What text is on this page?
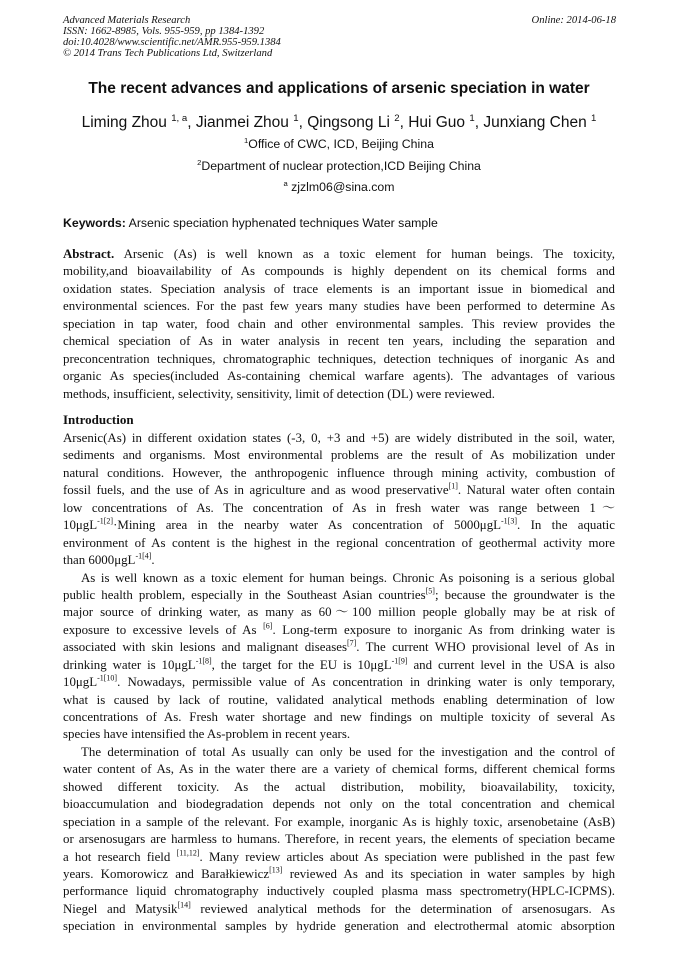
Advanced Materials Research
ISSN: 1662-8985, Vols. 955-959, pp 1384-1392
doi:10.4028/www.scientific.net/AMR.955-959.1384
© 2014 Trans Tech Publications Ltd, Switzerland
Online: 2014-06-18
The recent advances and applications of arsenic speciation in water
Liming Zhou $^{1, a}$, Jianmei Zhou $^1$, Qingsong Li $^2$, Hui Guo $^1$, Junxiang Chen $^1$
$^1$Office of CWC, ICD, Beijing China
$^2$Department of nuclear protection,ICD Beijing China
$^a$ zjzlm06@sina.com
Keywords: Arsenic speciation hyphenated techniques Water sample
Abstract. Arsenic (As) is well known as a toxic element for human beings. The toxicity,
mobility,and bioavailability of As compounds is highly dependent on its chemical forms and
oxidation states. Speciation analysis of trace elements is an important issue in biomedical and
environmental sciences. For the past few years many studies have been performed to determine As
speciation in tap water, food chain and other environmental samples. This review provides the
chemical speciation of As in water analysis in recent ten years, including the separation and
preconcentration techniques, chromatographic techniques, detection techniques of inorganic As and
organic As species(included As-containing chemical warfare agents). The advantages of various
methods, insufficient, selectivity, sensitivity, limit of detection (DL) were reviewed.
Introduction
Arsenic(As) in different oxidation states (-3, 0, +3 and +5) are widely distributed in the soil, water,
sediments and organisms. Most environmental problems are the result of As mobilization under
natural conditions. However, the anthropogenic influence through mining activity, combustion of
fossil fuels, and the use of As in agriculture and as wood preservative[1]. Natural water often contain
low concentrations of As. The concentration of As in fresh water was range between 1～
10μgL$^{-1[2]}$·Mining area in the nearby water As concentration of 5000μgL$^{-1[3]}$. In the aquatic
environment of As content is the highest in the regional concentration of geothermal activity more
than 6000μgL$^{-1[4]}$.
As is well known as a toxic element for human beings. Chronic As poisoning is a serious global
public health problem, especially in the Southeast Asian countries[5]; because the groundwater is the
major source of drinking water, as many as 60～100 million people globally may be at risk of
exposure to excessive levels of As [6]. Long-term exposure to inorganic As from drinking water is
associated with skin lesions and malignant diseases[7]. The current WHO provisional level of As in
drinking water is 10μgL$^{-1[8]}$, the target for the EU is 10μgL$^{-1[9]}$ and current level in the USA is also
10μgL$^{-1[10]}$. Nowadays, permissible value of As concentration in drinking water is only temporary,
what is caused by lack of routine, validated analytical methods enabling determination of low
concentrations of As. Fresh water shortage and new findings on multiple toxicity of several As
species have intensified the As-problem in recent years.
The determination of total As usually can only be used for the investigation and the control of
water content of As, As in the water there are a variety of chemical forms, different chemical forms
showed different toxicity. As the actual distribution, mobility, bioavailability, toxicity,
bioaccumulation and biodegradation depends not only on the total concentration and chemical
speciation in a sample of the relevant. For example, inorganic As is highly toxic, arsenobetaine (AsB)
or arsenosugars are harmless to humans. Therefore, in recent years, the elements of speciation became
a hot research field [11,12]. Many review articles about As speciation were published in the past few
years. Komorowicz and Barałkiewicz[13] reviewed As and its speciation in water samples by high
performance liquid chromatography inductively coupled plasma mass spectrometry(HPLC-ICPMS).
Niegel and Matysik[14] reviewed analytical methods for the determination of arsenosugars. As
speciation in environmental samples by hydride generation and electrothermal atomic absorption
